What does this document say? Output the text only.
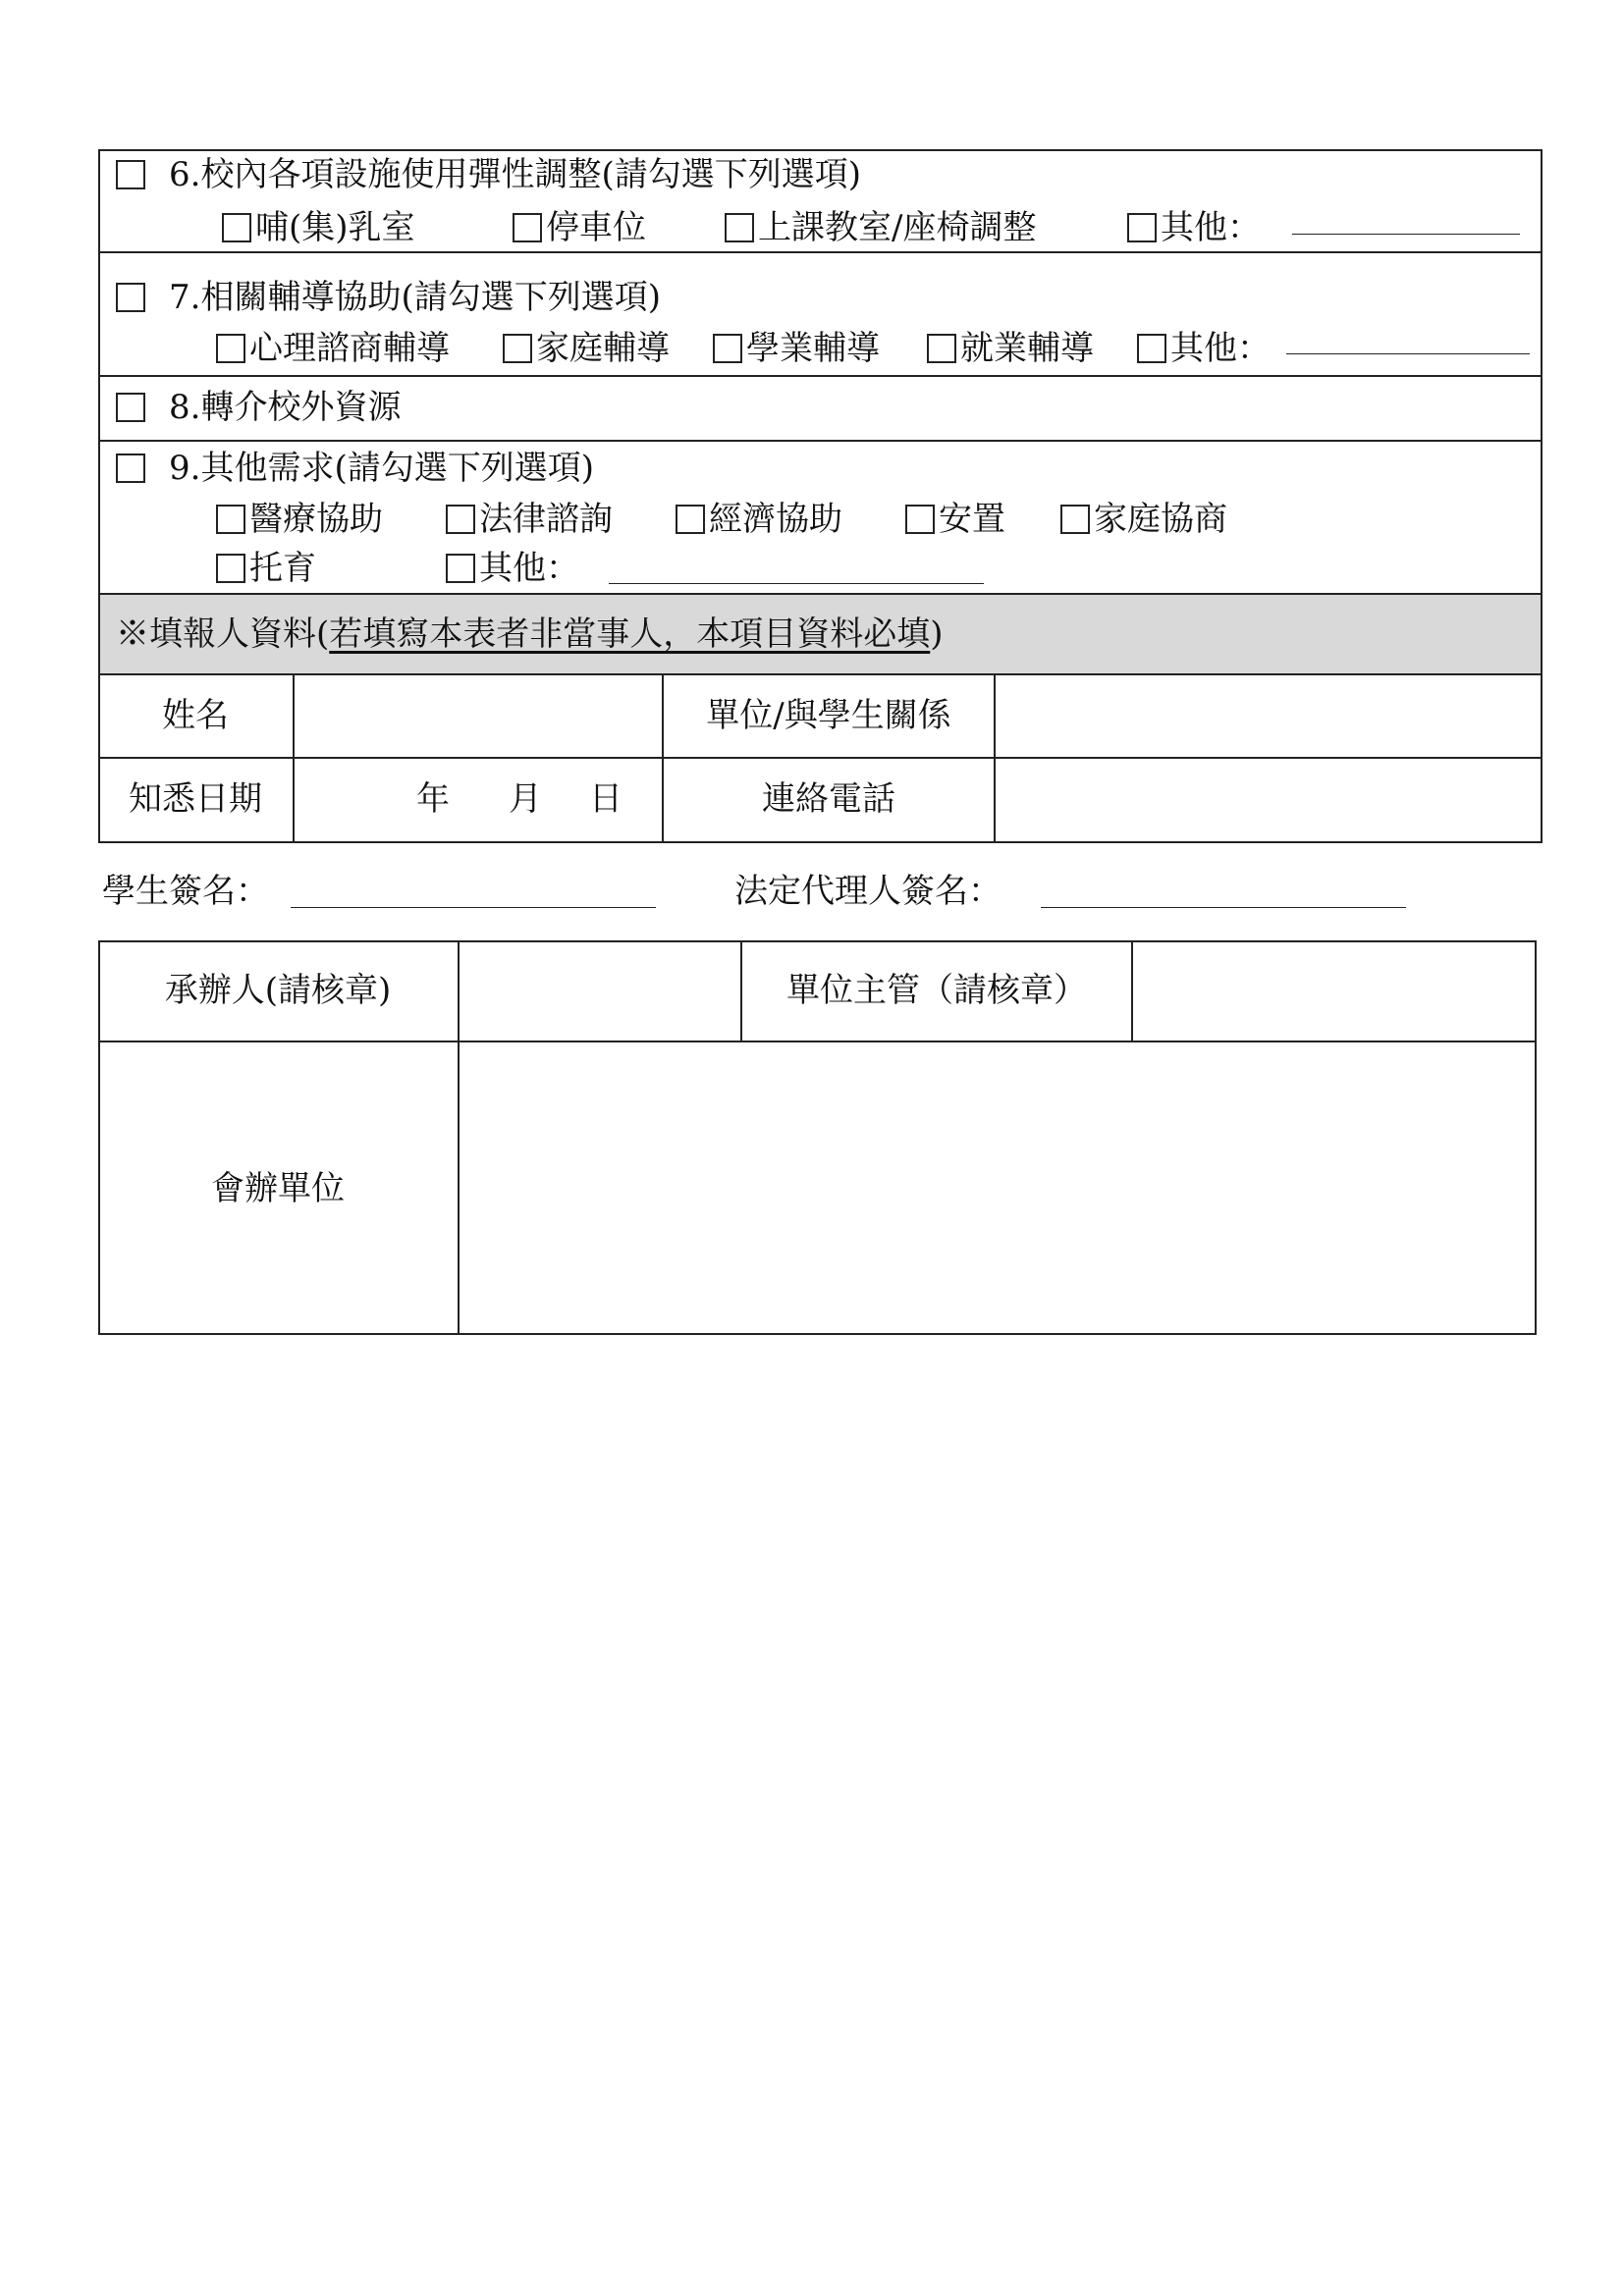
6.校內各項設施使用彈性調整(請勾選下列選項)
哺(集)乳室	停車位	上課教室/座椅調整	其他：
7.相關輔導協助(請勾選下列選項)
心理諮商輔導	家庭輔導 學業輔導 就業輔導 其他：
8.轉介校外資源
9.其他需求(請勾選下列選項)
醫療協助	法律諮詢	經濟協助	安置	家庭協商
托育	其他：
※填報人資料(若填寫本表者非當事人，本項目資料必填)
姓名	單位/與學生關係
知悉日期	年 月 日	連絡電話
學生簽名：	法定代理人簽名：
承辦人(請核章)	單位主管（請核章）
會辦單位
